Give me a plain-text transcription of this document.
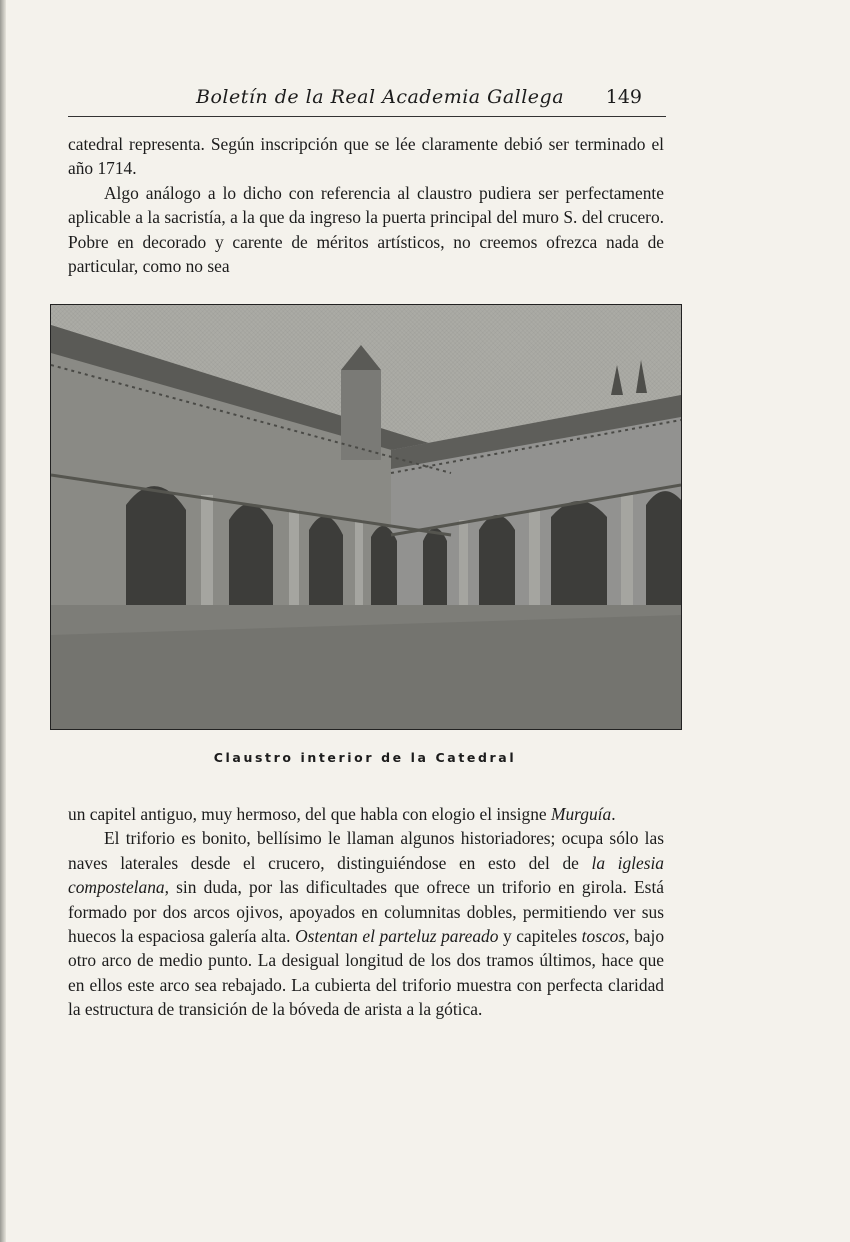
Boletín de la Real Academia Gallega 149

catedral representa. Según inscripción que se lée claramente debió ser terminado el año 1714.

Algo análogo a lo dicho con referencia al claustro pudiera ser perfectamente aplicable a la sacristía, a la que da ingreso la puerta principal del muro S. del crucero. Pobre en decorado y carente de méritos artísticos, no creemos ofrezca nada de particular, como no sea

Claustro interior de la Catedral

un capitel antiguo, muy hermoso, del que habla con elogio el insigne Murguía.

El triforio es bonito, bellísimo le llaman algunos historiadores; ocupa sólo las naves laterales desde el crucero, distinguiéndose en esto del de la iglesia compostelana, sin duda, por las dificultades que ofrece un triforio en girola. Está formado por dos arcos ojivos, apoyados en columnitas dobles, permitiendo ver sus huecos la espaciosa galería alta. Ostentan el parteluz pareado y capiteles toscos, bajo otro arco de medio punto. La desigual longitud de los dos tramos últimos, hace que en ellos este arco sea rebajado. La cubierta del triforio muestra con perfecta claridad la estructura de transición de la bóveda de arista a la gótica.
